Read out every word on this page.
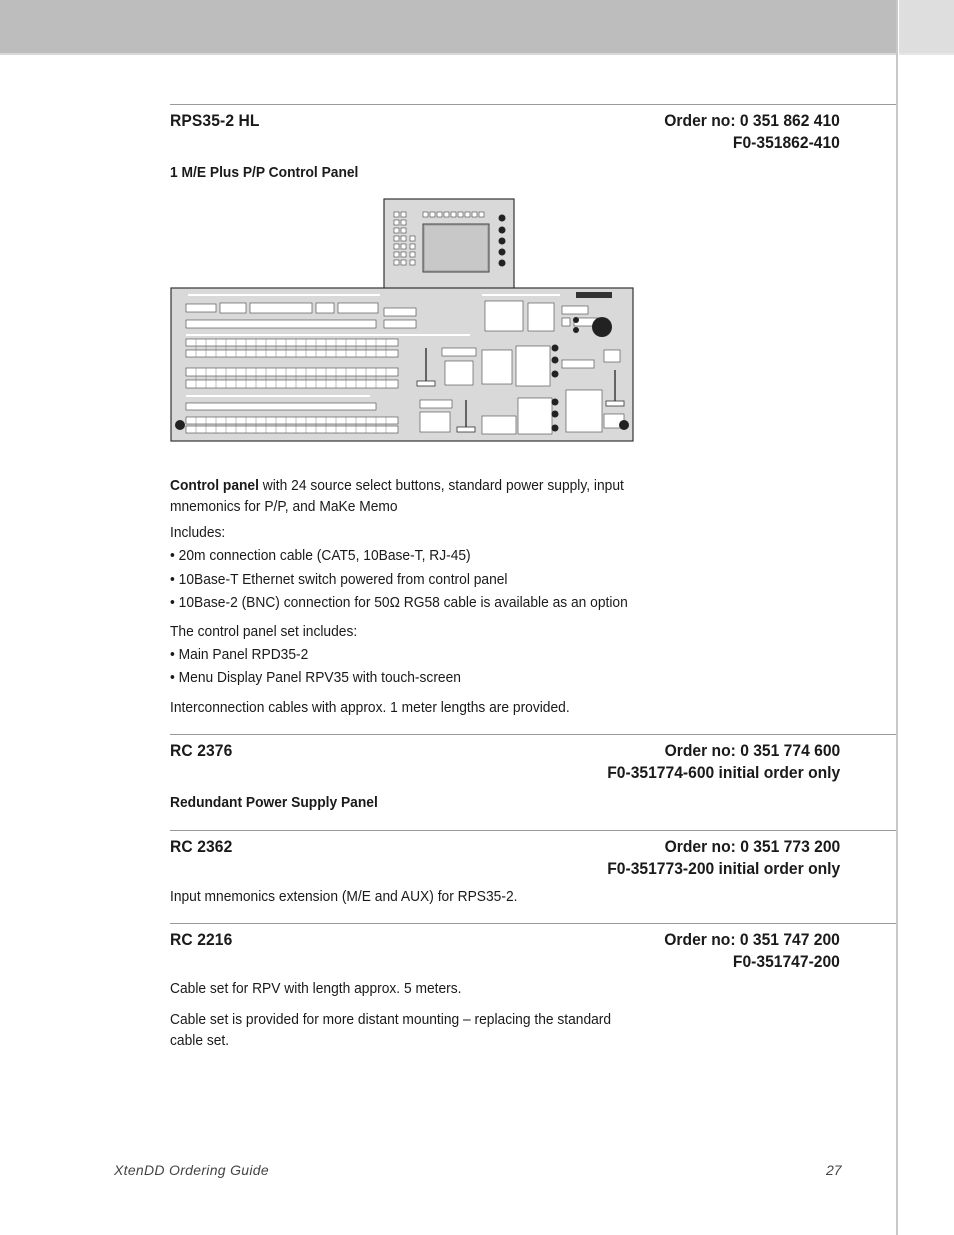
RPS35-2 HL	Order no: 0 351 862 410
F0-351862-410
1 M/E Plus P/P Control Panel
Control panel with 24 source select buttons, standard power supply, input mnemonics for P/P, and MaKe Memo
Includes:
• 20m connection cable (CAT5, 10Base-T, RJ-45)
• 10Base-T Ethernet switch powered from control panel
• 10Base-2 (BNC) connection for 50Ω RG58 cable is available as an option
The control panel set includes:
• Main Panel RPD35-2
• Menu Display Panel RPV35 with touch-screen
Interconnection cables with approx. 1 meter lengths are provided.
RC 2376	Order no: 0 351 774 600
F0-351774-600 initial order only
Redundant Power Supply Panel
RC 2362	Order no: 0 351 773 200
F0-351773-200 initial order only
Input mnemonics extension (M/E and AUX) for RPS35-2.
RC 2216	Order no: 0 351 747 200
F0-351747-200
Cable set for RPV with length approx. 5 meters.
Cable set is provided for more distant mounting – replacing the standard cable set.
XtenDD Ordering Guide	27
